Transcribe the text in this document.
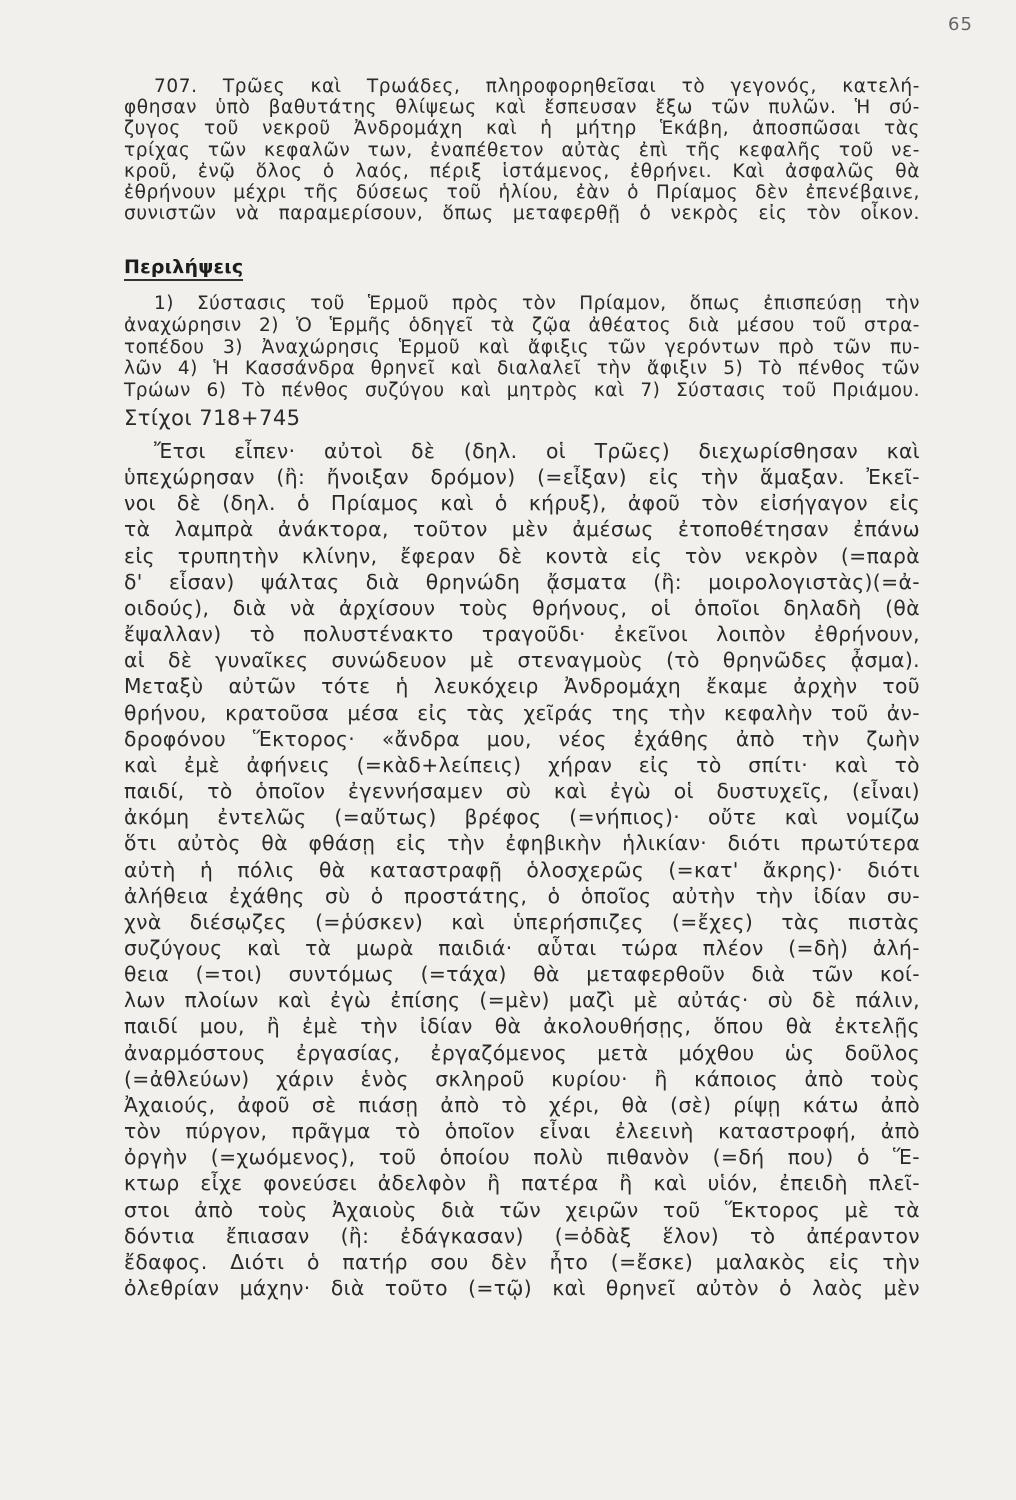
65
707. Τρῶες καὶ Τρωάδες, πληροφορηθεῖσαι τὸ γεγονός, κατελή-
φθησαν ὑπὸ βαθυτάτης θλίψεως καὶ ἔσπευσαν ἔξω τῶν πυλῶν. Ἡ σύ-
ζυγος τοῦ νεκροῦ Ἀνδρομάχη καὶ ἡ μήτηρ Ἑκάβη, ἀποσπῶσαι τὰς
τρίχας τῶν κεφαλῶν των, ἐναπέθετον αὐτὰς ἐπὶ τῆς κεφαλῆς τοῦ νε-
κροῦ, ἐνῷ ὅλος ὁ λαός, πέριξ ἱστάμενος, ἐθρήνει. Καὶ ἀσφαλῶς θὰ
ἐθρήνουν μέχρι τῆς δύσεως τοῦ ἡλίου, ἐὰν ὁ Πρίαμος δὲν ἐπενέβαινε,
συνιστῶν νὰ παραμερίσουν, ὅπως μεταφερθῇ ὁ νεκρὸς εἰς τὸν οἶκον.
Περιλήψεις
1) Σύστασις τοῦ Ἑρμοῦ πρὸς τὸν Πρίαμον, ὅπως ἐπισπεύσῃ τὴν
ἀναχώρησιν 2) Ὁ Ἑρμῆς ὁδηγεῖ τὰ ζῷα ἀθέατος διὰ μέσου τοῦ στρα-
τοπέδου 3) Ἀναχώρησις Ἑρμοῦ καὶ ἄφιξις τῶν γερόντων πρὸ τῶν πυ-
λῶν 4) Ἡ Κασσάνδρα θρηνεῖ καὶ διαλαλεῖ τὴν ἄφιξιν 5) Τὸ πένθος τῶν
Τρώων 6) Τὸ πένθος συζύγου καὶ μητρὸς καὶ 7) Σύστασις τοῦ Πριάμου.
Στίχοι 718+745
Ἔτσι εἶπεν· αὐτοὶ δὲ (δηλ. οἱ Τρῶες) διεχωρίσθησαν καὶ
ὑπεχώρησαν (ἢ: ἤνοιξαν δρόμον) (=εἶξαν) εἰς τὴν ἅμαξαν. Ἐκεῖ-
νοι δὲ (δηλ. ὁ Πρίαμος καὶ ὁ κήρυξ), ἀφοῦ τὸν εἰσήγαγον εἰς
τὰ λαμπρὰ ἀνάκτορα, τοῦτον μὲν ἀμέσως ἐτοποθέτησαν ἐπάνω
εἰς τρυπητὴν κλίνην, ἔφεραν δὲ κοντὰ εἰς τὸν νεκρὸν (=παρὰ
δ' εἷσαν) ψάλτας διὰ θρηνώδη ᾄσματα (ἢ: μοιρολογιστὰς)(=ἀ-
οιδούς), διὰ νὰ ἀρχίσουν τοὺς θρήνους, οἱ ὁποῖοι δηλαδὴ (θὰ
ἔψαλλαν) τὸ πολυστένακτο τραγοῦδι· ἐκεῖνοι λοιπὸν ἐθρήνουν,
αἱ δὲ γυναῖκες συνώδευον μὲ στεναγμοὺς (τὸ θρηνῶδες ᾆσμα).
Μεταξὺ αὐτῶν τότε ἡ λευκόχειρ Ἀνδρομάχη ἔκαμε ἀρχὴν τοῦ
θρήνου, κρατοῦσα μέσα εἰς τὰς χεῖράς της τὴν κεφαλὴν τοῦ ἀν-
δροφόνου Ἕκτορος· «ἄνδρα μου, νέος ἐχάθης ἀπὸ τὴν ζωὴν
καὶ ἐμὲ ἀφήνεις (=κὰδ+λείπεις) χήραν εἰς τὸ σπίτι· καὶ τὸ
παιδί, τὸ ὁποῖον ἐγεννήσαμεν σὺ καὶ ἐγὼ οἱ δυστυχεῖς, (εἶναι)
ἀκόμη ἐντελῶς (=αὔτως) βρέφος (=νήπιος)· οὔτε καὶ νομίζω
ὅτι αὐτὸς θὰ φθάσῃ εἰς τὴν ἐφηβικὴν ἡλικίαν· διότι πρωτύτερα
αὐτὴ ἡ πόλις θὰ καταστραφῇ ὁλοσχερῶς (=κατ' ἄκρης)· διότι
ἀλήθεια ἐχάθης σὺ ὁ προστάτης, ὁ ὁποῖος αὐτὴν τὴν ἰδίαν συ-
χνὰ διέσῳζες (=ῥύσκεν) καὶ ὑπερήσπιζες (=ἔχες) τὰς πιστὰς
συζύγους καὶ τὰ μωρὰ παιδιά· αὗται τώρα πλέον (=δὴ) ἀλή-
θεια (=τοι) συντόμως (=τάχα) θὰ μεταφερθοῦν διὰ τῶν κοί-
λων πλοίων καὶ ἐγὼ ἐπίσης (=μὲν) μαζὶ μὲ αὐτάς· σὺ δὲ πάλιν,
παιδί μου, ἢ ἐμὲ τὴν ἰδίαν θὰ ἀκολουθήσῃς, ὅπου θὰ ἐκτελῇς
ἀναρμόστους ἐργασίας, ἐργαζόμενος μετὰ μόχθου ὡς δοῦλος
(=ἀθλεύων) χάριν ἑνὸς σκληροῦ κυρίου· ἢ κάποιος ἀπὸ τοὺς
Ἀχαιούς, ἀφοῦ σὲ πιάσῃ ἀπὸ τὸ χέρι, θὰ (σὲ) ρίψῃ κάτω ἀπὸ
τὸν πύργον, πρᾶγμα τὸ ὁποῖον εἶναι ἐλεεινὴ καταστροφή, ἀπὸ
ὀργὴν (=χωόμενος), τοῦ ὁποίου πολὺ πιθανὸν (=δή που) ὁ Ἕ-
κτωρ εἶχε φονεύσει ἀδελφὸν ἢ πατέρα ἢ καὶ υἱόν, ἐπειδὴ πλεῖ-
στοι ἀπὸ τοὺς Ἀχαιοὺς διὰ τῶν χειρῶν τοῦ Ἕκτορος μὲ τὰ
δόντια ἔπιασαν (ἢ: ἐδάγκασαν) (=ὀδὰξ ἕλον) τὸ ἀπέραντον
ἔδαφος. Διότι ὁ πατήρ σου δὲν ἦτο (=ἔσκε) μαλακὸς εἰς τὴν
ὀλεθρίαν μάχην· διὰ τοῦτο (=τῷ) καὶ θρηνεῖ αὐτὸν ὁ λαὸς μὲν
